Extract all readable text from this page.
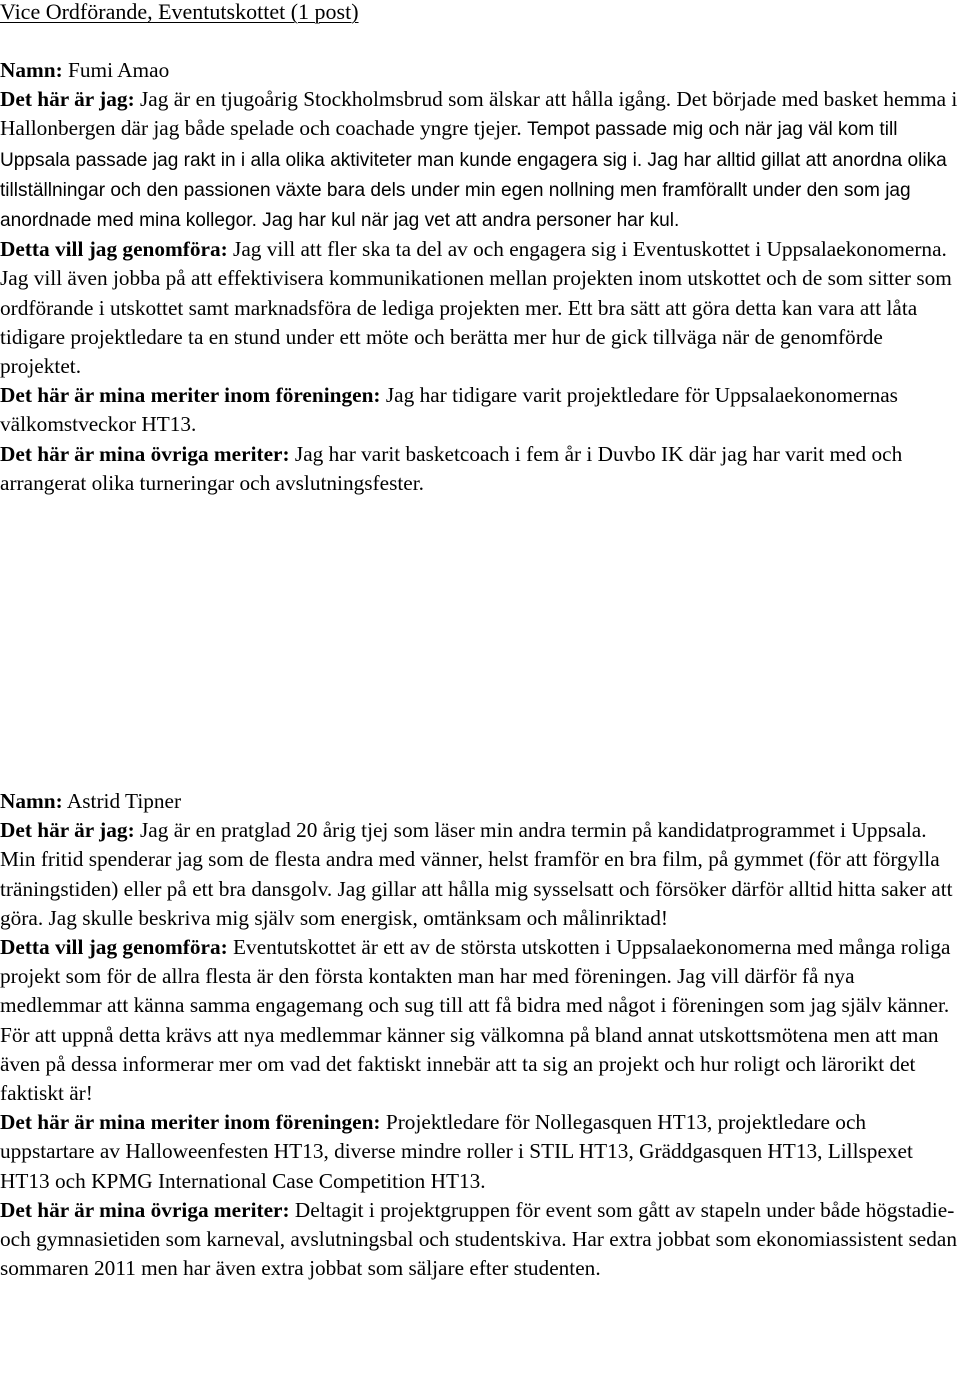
Vice Ordförande, Eventutskottet (1 post)

Namn: Fumi Amao

Det här är jag: Jag är en tjugoårig Stockholmsbrud som älskar att hålla igång. Det började med basket hemma i Hallonbergen där jag både spelade och coachade yngre tjejer. Tempot passade mig och när jag väl kom till Uppsala passade jag rakt in i alla olika aktiviteter man kunde engagera sig i. Jag har alltid gillat att anordna olika tillställningar och den passionen växte bara dels under min egen nollning men framförallt under den som jag anordnade med mina kollegor. Jag har kul när jag vet att andra personer har kul.

Detta vill jag genomföra: Jag vill att fler ska ta del av och engagera sig i Eventuskottet i Uppsalaekonomerna. Jag vill även jobba på att effektivisera kommunikationen mellan projekten inom utskottet och de som sitter som ordförande i utskottet samt marknadsföra de lediga projekten mer. Ett bra sätt att göra detta kan vara att låta tidigare projektledare ta en stund under ett möte och berätta mer hur de gick tillväga när de genomförde projektet.

Det här är mina meriter inom föreningen: Jag har tidigare varit projektledare för Uppsalaekonomernas välkomstveckor HT13.

Det här är mina övriga meriter: Jag har varit basketcoach i fem år i Duvbo IK där jag har varit med och arrangerat olika turneringar och avslutningsfester.

Namn: Astrid Tipner

Det här är jag: Jag är en pratglad 20 årig tjej som läser min andra termin på kandidatprogrammet i Uppsala. Min fritid spenderar jag som de flesta andra med vänner, helst framför en bra film, på gymmet (för att förgylla träningstiden) eller på ett bra dansgolv. Jag gillar att hålla mig sysselsatt och försöker därför alltid hitta saker att göra. Jag skulle beskriva mig själv som energisk, omtänksam och målinriktad!

Detta vill jag genomföra: Eventutskottet är ett av de största utskotten i Uppsalaekonomerna med många roliga projekt som för de allra flesta är den första kontakten man har med föreningen. Jag vill därför få nya medlemmar att känna samma engagemang och sug till att få bidra med något i föreningen som jag själv känner. För att uppnå detta krävs att nya medlemmar känner sig välkomna på bland annat utskottsmötena men att man även på dessa informerar mer om vad det faktiskt innebär att ta sig an projekt och hur roligt och lärorikt det faktiskt är!

Det här är mina meriter inom föreningen: Projektledare för Nollegasquen HT13, projektledare och uppstartare av Halloweenfesten HT13, diverse mindre roller i STIL HT13, Gräddgasquen HT13, Lillspexet HT13 och KPMG International Case Competition HT13.

Det här är mina övriga meriter: Deltagit i projektgruppen för event som gått av stapeln under både högstadie- och gymnasietiden som karneval, avslutningsbal och studentskiva. Har extra jobbat som ekonomiassistent sedan sommaren 2011 men har även extra jobbat som säljare efter studenten.
